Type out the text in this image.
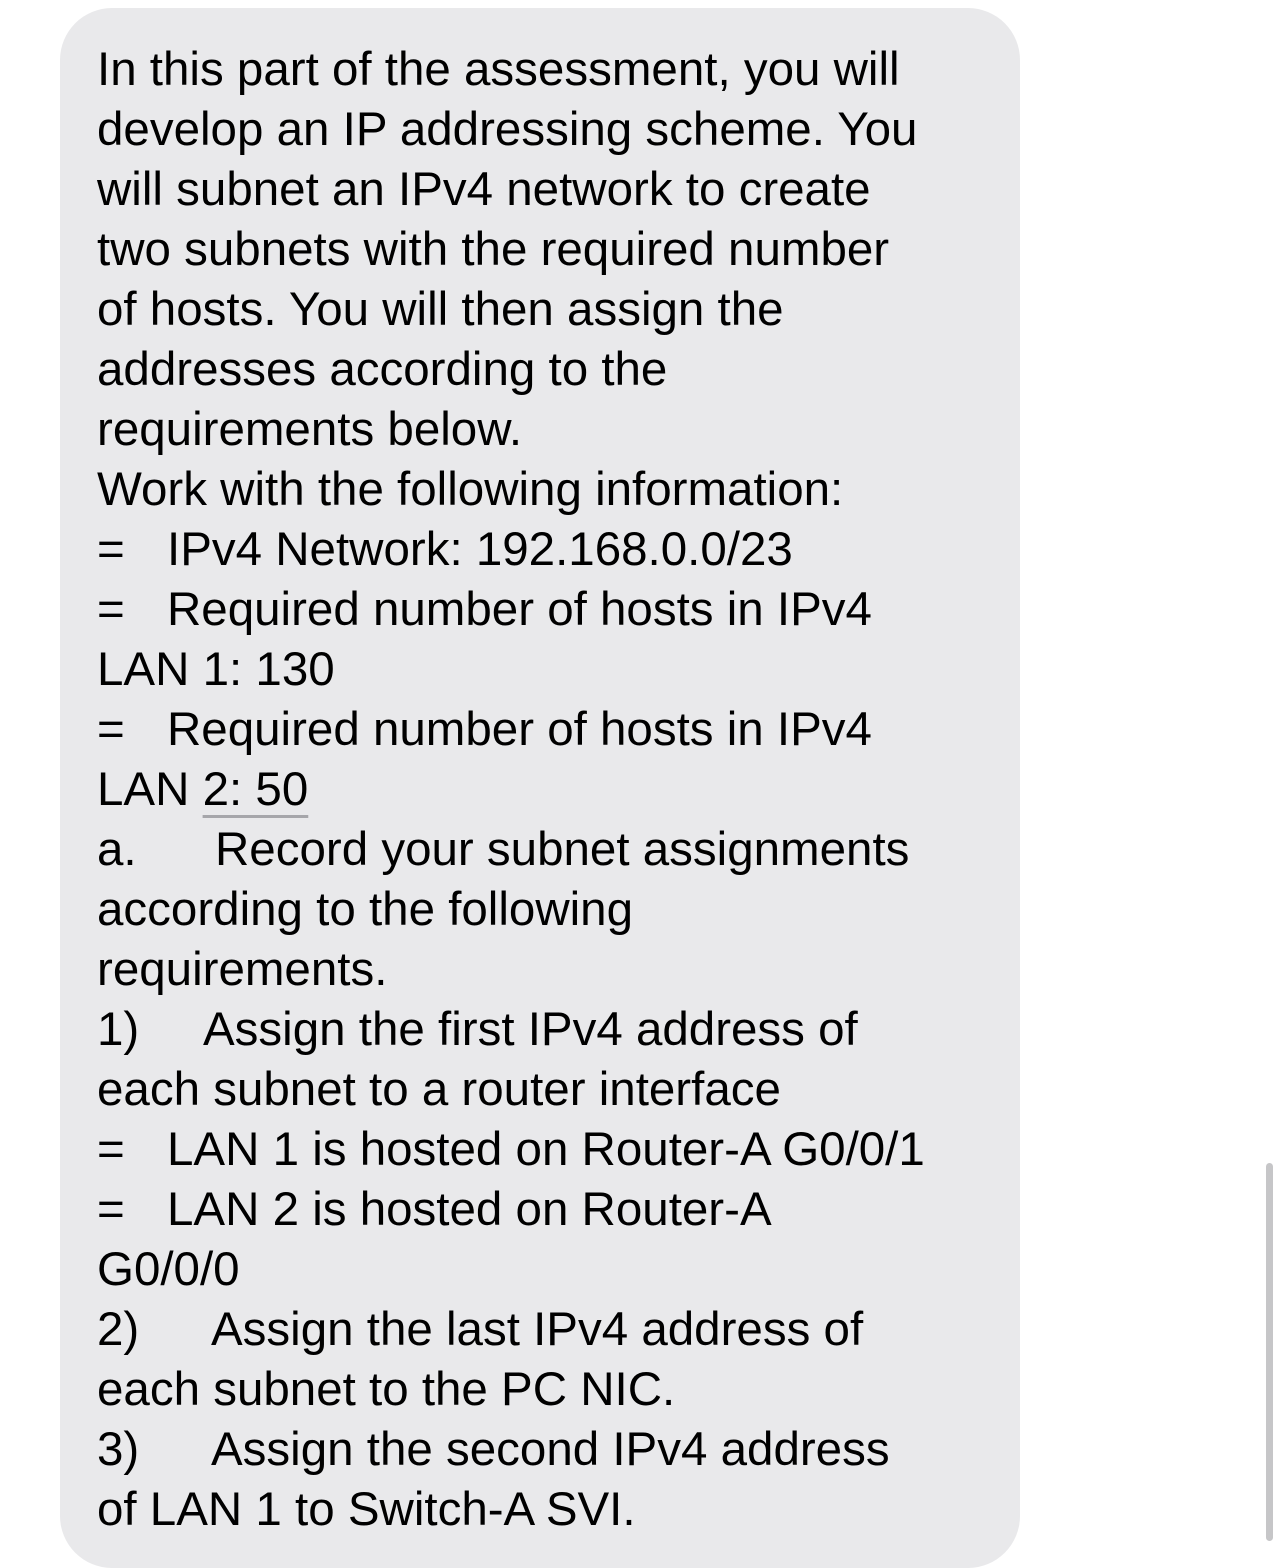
In this part of the assessment, you will
develop an IP addressing scheme. You
will subnet an IPv4 network to create
two subnets with the required number
of hosts. You will then assign the
addresses according to the
requirements below.
Work with the following information:
= IPv4 Network: 192.168.0.0/23
= Required number of hosts in IPv4
LAN 1: 130
= Required number of hosts in IPv4
LAN 2: 50
a. Record your subnet assignments
according to the following
requirements.
1) Assign the first IPv4 address of
each subnet to a router interface
= LAN 1 is hosted on Router-A G0/0/1
= LAN 2 is hosted on Router-A
G0/0/0
2) Assign the last IPv4 address of
each subnet to the PC NIC.
3) Assign the second IPv4 address
of LAN 1 to Switch-A SVI.
